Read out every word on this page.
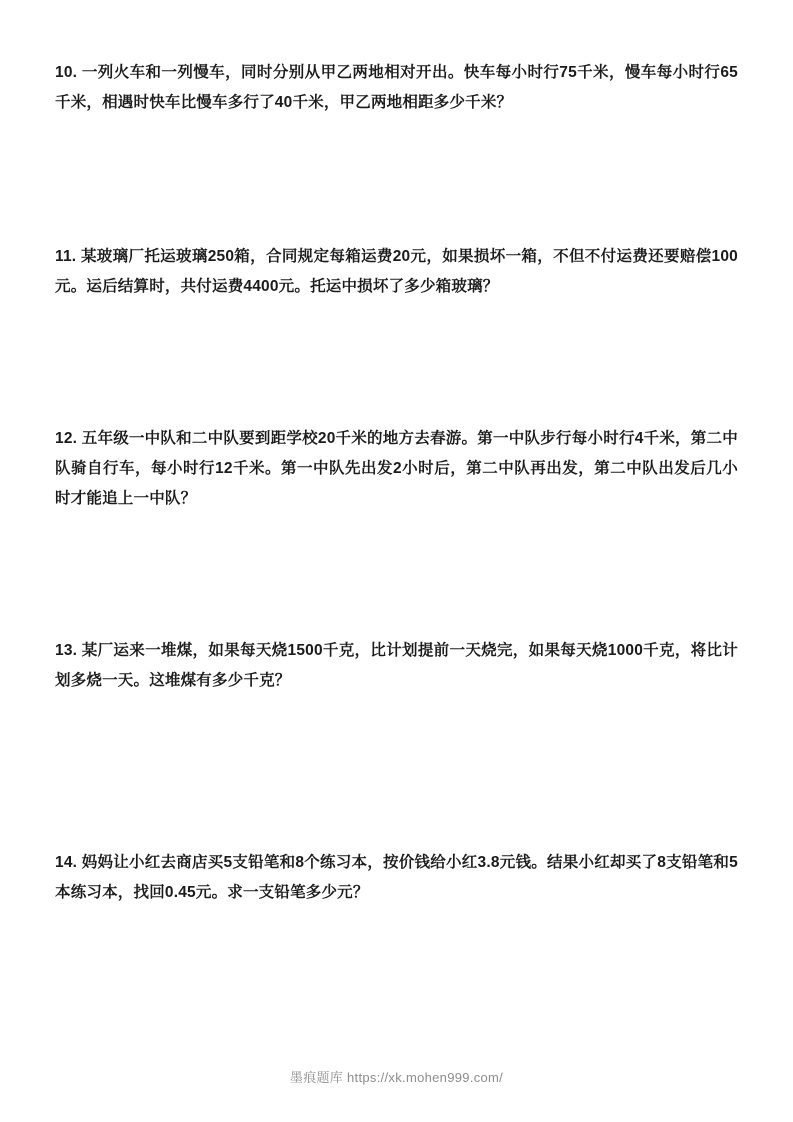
10. 一列火车和一列慢车，同时分别从甲乙两地相对开出。快车每小时行75千米，慢车每小时行65千米，相遇时快车比慢车多行了40千米，甲乙两地相距多少千米？
11. 某玻璃厂托运玻璃250箱，合同规定每箱运费20元，如果损坏一箱，不但不付运费还要赔偿100元。运后结算时，共付运费4400元。托运中损坏了多少箱玻璃？
12. 五年级一中队和二中队要到距学校20千米的地方去春游。第一中队步行每小时行4千米，第二中队骑自行车，每小时行12千米。第一中队先出发2小时后，第二中队再出发，第二中队出发后几小时才能追上一中队？
13. 某厂运来一堆煤，如果每天烧1500千克，比计划提前一天烧完，如果每天烧1000千克，将比计划多烧一天。这堆煤有多少千克？
14. 妈妈让小红去商店买5支铅笔和8个练习本，按价钱给小红3.8元钱。结果小红却买了8支铅笔和5本练习本，找回0.45元。求一支铅笔多少元？
墨痕题库 https://xk.mohen999.com/
